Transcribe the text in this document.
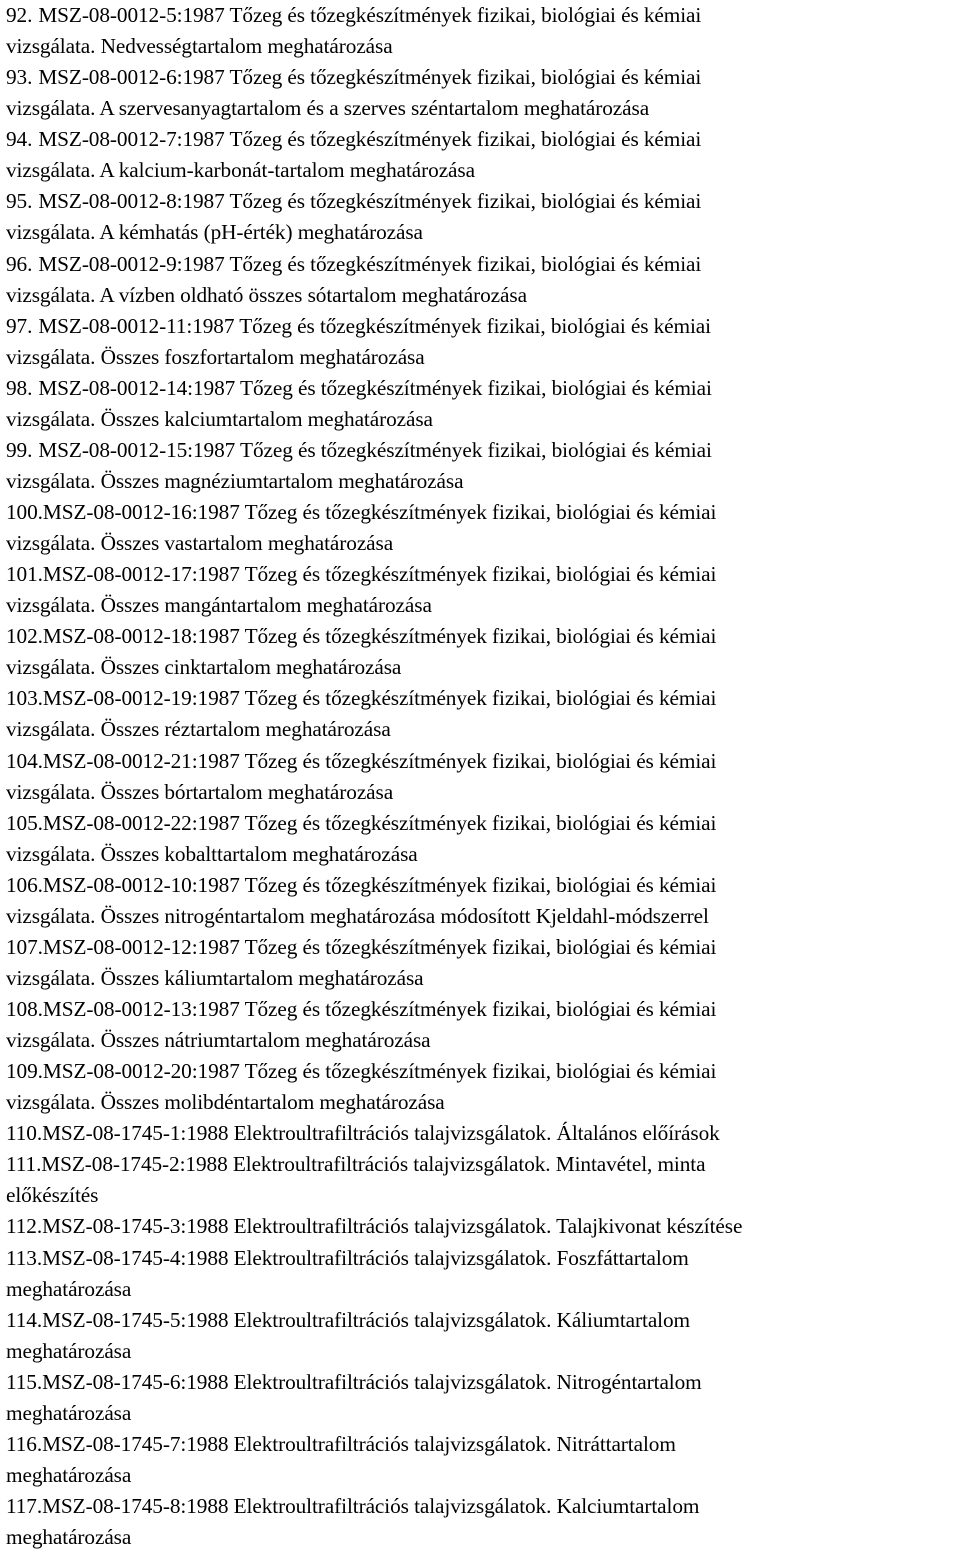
92. MSZ-08-0012-5:1987 Tőzeg és tőzegkészítmények fizikai, biológiai és kémiai
vizsgálata. Nedvességtartalom meghatározása
93. MSZ-08-0012-6:1987 Tőzeg és tőzegkészítmények fizikai, biológiai és kémiai
vizsgálata. A szervesanyagtartalom és a szerves széntartalom meghatározása
94. MSZ-08-0012-7:1987 Tőzeg és tőzegkészítmények fizikai, biológiai és kémiai
vizsgálata. A kalcium-karbonát-tartalom meghatározása
95. MSZ-08-0012-8:1987 Tőzeg és tőzegkészítmények fizikai, biológiai és kémiai
vizsgálata. A kémhatás (pH-érték) meghatározása
96. MSZ-08-0012-9:1987 Tőzeg és tőzegkészítmények fizikai, biológiai és kémiai
vizsgálata. A vízben oldható összes sótartalom meghatározása
97. MSZ-08-0012-11:1987 Tőzeg és tőzegkészítmények fizikai, biológiai és kémiai
vizsgálata. Összes foszfortartalom meghatározása
98. MSZ-08-0012-14:1987 Tőzeg és tőzegkészítmények fizikai, biológiai és kémiai
vizsgálata. Összes kalciumtartalom meghatározása
99. MSZ-08-0012-15:1987 Tőzeg és tőzegkészítmények fizikai, biológiai és kémiai
vizsgálata. Összes magnéziumtartalom meghatározása
100.MSZ-08-0012-16:1987 Tőzeg és tőzegkészítmények fizikai, biológiai és kémiai
vizsgálata. Összes vastartalom meghatározása
101.MSZ-08-0012-17:1987 Tőzeg és tőzegkészítmények fizikai, biológiai és kémiai
vizsgálata. Összes mangántartalom meghatározása
102.MSZ-08-0012-18:1987 Tőzeg és tőzegkészítmények fizikai, biológiai és kémiai
vizsgálata. Összes cinktartalom meghatározása
103.MSZ-08-0012-19:1987 Tőzeg és tőzegkészítmények fizikai, biológiai és kémiai
vizsgálata. Összes réztartalom meghatározása
104.MSZ-08-0012-21:1987 Tőzeg és tőzegkészítmények fizikai, biológiai és kémiai
vizsgálata. Összes bórtartalom meghatározása
105.MSZ-08-0012-22:1987 Tőzeg és tőzegkészítmények fizikai, biológiai és kémiai
vizsgálata. Összes kobalttartalom meghatározása
106.MSZ-08-0012-10:1987 Tőzeg és tőzegkészítmények fizikai, biológiai és kémiai
vizsgálata. Összes nitrogéntartalom meghatározása módosított Kjeldahl-módszerrel
107.MSZ-08-0012-12:1987 Tőzeg és tőzegkészítmények fizikai, biológiai és kémiai
vizsgálata. Összes káliumtartalom meghatározása
108.MSZ-08-0012-13:1987 Tőzeg és tőzegkészítmények fizikai, biológiai és kémiai
vizsgálata. Összes nátriumtartalom meghatározása
109.MSZ-08-0012-20:1987 Tőzeg és tőzegkészítmények fizikai, biológiai és kémiai
vizsgálata. Összes molibdéntartalom meghatározása
110.MSZ-08-1745-1:1988 Elektroultrafiltrációs talajvizsgálatok. Általános előírások
111.MSZ-08-1745-2:1988 Elektroultrafiltrációs talajvizsgálatok. Mintavétel, minta
előkészítés
112.MSZ-08-1745-3:1988 Elektroultrafiltrációs talajvizsgálatok. Talajkivonat készítése
113.MSZ-08-1745-4:1988 Elektroultrafiltrációs talajvizsgálatok. Foszfáttartalom
meghatározása
114.MSZ-08-1745-5:1988 Elektroultrafiltrációs talajvizsgálatok. Káliumtartalom
meghatározása
115.MSZ-08-1745-6:1988 Elektroultrafiltrációs talajvizsgálatok. Nitrogéntartalom
meghatározása
116.MSZ-08-1745-7:1988 Elektroultrafiltrációs talajvizsgálatok. Nitráttartalom
meghatározása
117.MSZ-08-1745-8:1988 Elektroultrafiltrációs talajvizsgálatok. Kalciumtartalom
meghatározása
